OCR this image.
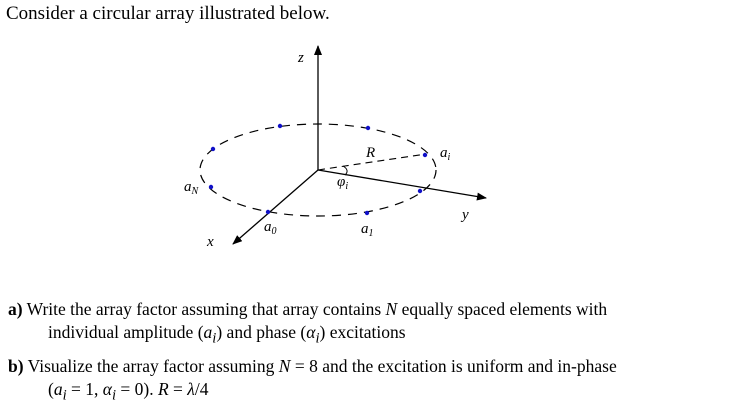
Consider a circular array illustrated below.
z
y
x
R
$\varphi_i$
$a_i$
$a_N$
$a_0$	$a_1$
a) Write the array factor assuming that array contains N equally spaced elements with
individual amplitude $(a_i)$ and phase $(\alpha_i)$ excitations
b) Visualize the array factor assuming N = 8 and the excitation is uniform and in-phase
($a_i = 1$, $\alpha_i = 0$). R = λ/4
